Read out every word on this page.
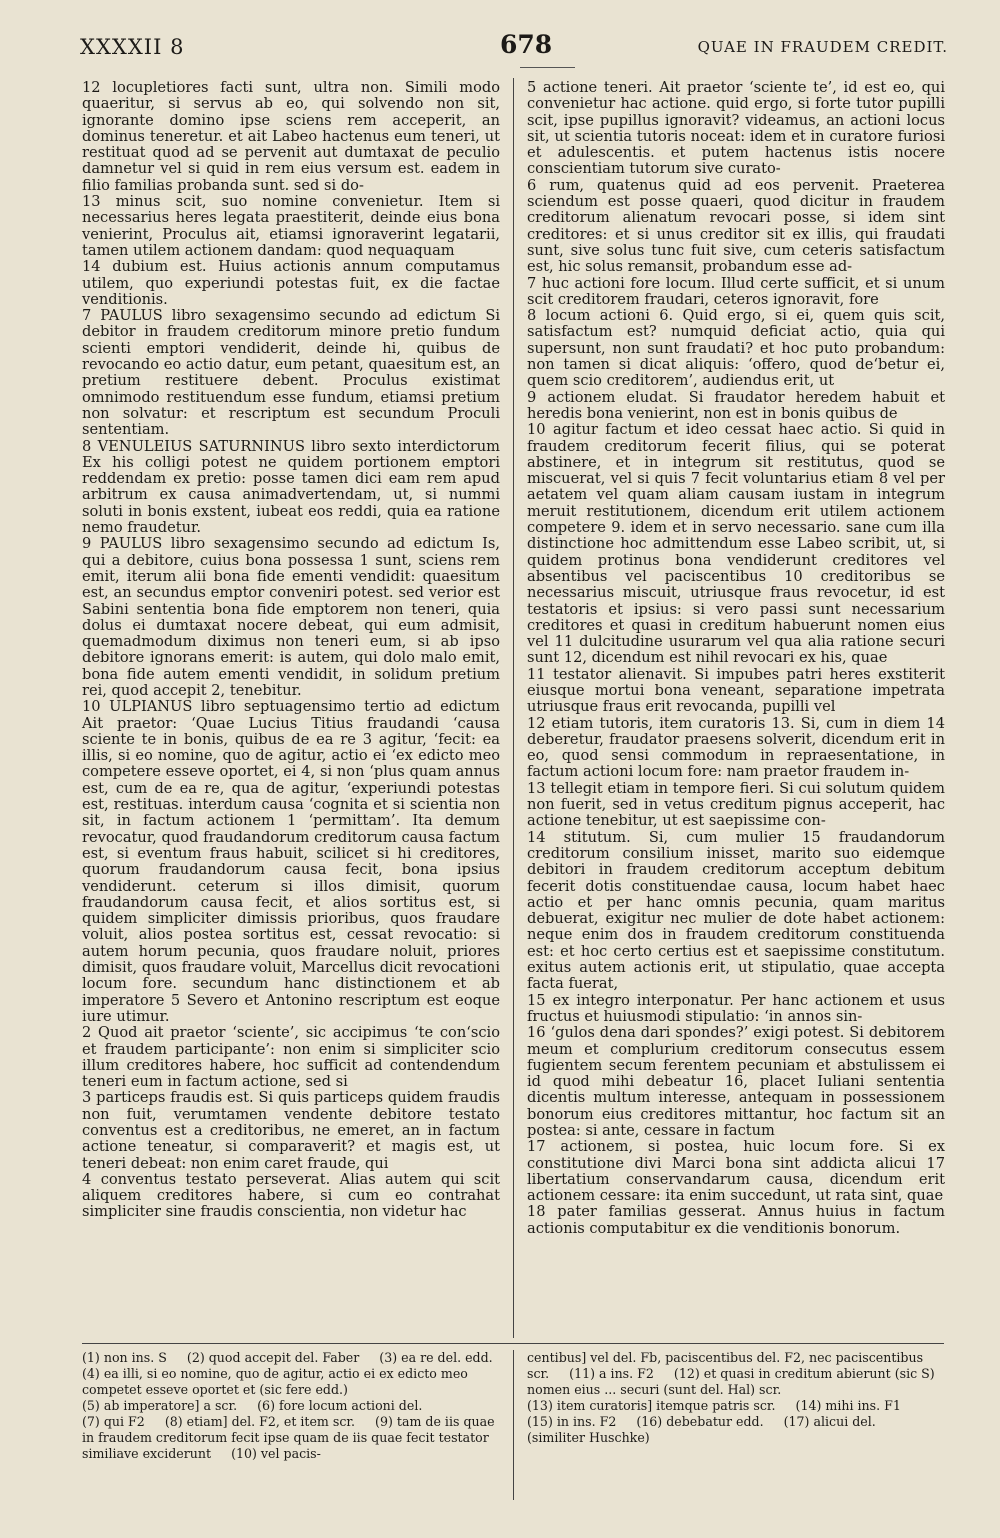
XXXXII 8	678	QUAE IN FRAUDEM CREDIT.

12 locupletiores facti sunt, ultra non. Simili modo quaeritur, si servus ab eo, qui solvendo non sit, ignorante domino ipse sciens rem acceperit, an dominus teneretur. et ait Labeo hactenus eum teneri, ut restituat quod ad se pervenit aut dumtaxat de peculio damnetur vel si quid in rem eius versum est. eadem in filio familias probanda sunt. sed si do-

13 minus scit, suo nomine convenietur. Item si necessarius heres legata praestiterit, deinde eius bona venierint, Proculus ait, etiamsi ignoraverint legatarii, tamen utilem actionem dandam: quod nequaquam

14 dubium est. Huius actionis annum computamus utilem, quo experiundi potestas fuit, ex die factae venditionis.

7 PAULUS libro sexagensimo secundo ad edictum Si debitor in fraudem creditorum minore pretio fundum scienti emptori vendiderit, deinde hi, quibus de revocando eo actio datur, eum petant, quaesitum est, an pretium restituere debent. Proculus existimat omnimodo restituendum esse fundum, etiamsi pretium non solvatur: et rescriptum est secundum Proculi sententiam.

8 VENULEIUS SATURNINUS libro sexto interdictorum Ex his colligi potest ne quidem portionem emptori reddendam ex pretio: posse tamen dici eam rem apud arbitrum ex causa animadvertendam, ut, si nummi soluti in bonis exstent, iubeat eos reddi, quia ea ratione nemo fraudetur.

9 PAULUS libro sexagensimo secundo ad edictum Is, qui a debitore, cuius bona possessa 1 sunt, sciens rem emit, iterum alii bona fide ementi vendidit: quaesitum est, an secundus emptor conveniri potest. sed verior est Sabini sententia bona fide emptorem non teneri, quia dolus ei dumtaxat nocere debeat, qui eum admisit, quemadmodum diximus non teneri eum, si ab ipso debitore ignorans emerit: is autem, qui dolo malo emit, bona fide autem ementi vendidit, in solidum pretium rei, quod accepit 2, tenebitur.

10 ULPIANUS libro septuagensimo tertio ad edictum Ait praetor: ‘Quae Lucius Titius fraudandi ‘causa sciente te in bonis, quibus de ea re 3 agitur, ‘fecit: ea illis, si eo nomine, quo de agitur, actio ei ‘ex edicto meo competere esseve oportet, ei 4, si non ‘plus quam annus est, cum de ea re, qua de agitur, ‘experiundi potestas est, restituas. interdum causa ‘cognita et si scientia non sit, in factum actionem 1 ‘permittam’. Ita demum revocatur, quod fraudandorum creditorum causa factum est, si eventum fraus habuit, scilicet si hi creditores, quorum fraudandorum causa fecit, bona ipsius vendiderunt. ceterum si illos dimisit, quorum fraudandorum causa fecit, et alios sortitus est, si quidem simpliciter dimissis prioribus, quos fraudare voluit, alios postea sortitus est, cessat revocatio: si autem horum pecunia, quos fraudare noluit, priores dimisit, quos fraudare voluit, Marcellus dicit revocationi locum fore. secundum hanc distinctionem et ab imperatore 5 Severo et Antonino rescriptum est eoque iure utimur.

2 Quod ait praetor ‘sciente’, sic accipimus ‘te con‘scio et fraudem participante’: non enim si simpliciter scio illum creditores habere, hoc sufficit ad contendendum teneri eum in factum actione, sed si

3 particeps fraudis est. Si quis particeps quidem fraudis non fuit, verumtamen vendente debitore testato conventus est a creditoribus, ne emeret, an in factum actione teneatur, si comparaverit? et magis est, ut teneri debeat: non enim caret fraude, qui

4 conventus testato perseverat. Alias autem qui scit aliquem creditores habere, si cum eo contrahat simpliciter sine fraudis conscientia, non videtur hac

5 actione teneri. Ait praetor ‘sciente te’, id est eo, qui convenietur hac actione. quid ergo, si forte tutor pupilli scit, ipse pupillus ignoravit? videamus, an actioni locus sit, ut scientia tutoris noceat: idem et in curatore furiosi et adulescentis. et putem hactenus istis nocere conscientiam tutorum sive curato-

6 rum, quatenus quid ad eos pervenit. Praeterea sciendum est posse quaeri, quod dicitur in fraudem creditorum alienatum revocari posse, si idem sint creditores: et si unus creditor sit ex illis, qui fraudati sunt, sive solus tunc fuit sive, cum ceteris satisfactum est, hic solus remansit, probandum esse ad-

7 huc actioni fore locum. Illud certe sufficit, et si unum scit creditorem fraudari, ceteros ignoravit, fore

8 locum actioni 6. Quid ergo, si ei, quem quis scit, satisfactum est? numquid deficiat actio, quia qui supersunt, non sunt fraudati? et hoc puto probandum: non tamen si dicat aliquis: ‘offero, quod de‘betur ei, quem scio creditorem’, audiendus erit, ut

9 actionem eludat. Si fraudator heredem habuit et heredis bona venierint, non est in bonis quibus de

10 agitur factum et ideo cessat haec actio. Si quid in fraudem creditorum fecerit filius, qui se poterat abstinere, et in integrum sit restitutus, quod se miscuerat, vel si quis 7 fecit voluntarius etiam 8 vel per aetatem vel quam aliam causam iustam in integrum meruit restitutionem, dicendum erit utilem actionem competere 9. idem et in servo necessario. sane cum illa distinctione hoc admittendum esse Labeo scribit, ut, si quidem protinus bona vendiderunt creditores vel absentibus vel paciscentibus 10 creditoribus se necessarius miscuit, utriusque fraus revocetur, id est testatoris et ipsius: si vero passi sunt necessarium creditores et quasi in creditum habuerunt nomen eius vel 11 dulcitudine usurarum vel qua alia ratione securi sunt 12, dicendum est nihil revocari ex his, quae

11 testator alienavit. Si impubes patri heres exstiterit eiusque mortui bona veneant, separatione impetrata utriusque fraus erit revocanda, pupilli vel

12 etiam tutoris, item curatoris 13. Si, cum in diem 14 deberetur, fraudator praesens solverit, dicendum erit in eo, quod sensi commodum in repraesentatione, in factum actioni locum fore: nam praetor fraudem in-

13 tellegit etiam in tempore fieri. Si cui solutum quidem non fuerit, sed in vetus creditum pignus acceperit, hac actione tenebitur, ut est saepissime con-

14 stitutum. Si, cum mulier 15 fraudandorum creditorum consilium inisset, marito suo eidemque debitori in fraudem creditorum acceptum debitum fecerit dotis constituendae causa, locum habet haec actio et per hanc omnis pecunia, quam maritus debuerat, exigitur nec mulier de dote habet actionem: neque enim dos in fraudem creditorum constituenda est: et hoc certo certius est et saepissime constitutum. exitus autem actionis erit, ut stipulatio, quae accepta facta fuerat,

15 ex integro interponatur. Per hanc actionem et usus fructus et huiusmodi stipulatio: ‘in annos sin-

16 ‘gulos dena dari spondes?’ exigi potest. Si debitorem meum et complurium creditorum consecutus essem fugientem secum ferentem pecuniam et abstulissem ei id quod mihi debeatur 16, placet Iuliani sententia dicentis multum interesse, antequam in possessionem bonorum eius creditores mittantur, hoc factum sit an postea: si ante, cessare in factum

17 actionem, si postea, huic locum fore. Si ex constitutione divi Marci bona sint addicta alicui 17 libertatium conservandarum causa, dicendum erit actionem cessare: ita enim succedunt, ut rata sint, quae

18 pater familias gesserat. Annus huius in factum actionis computabitur ex die venditionis bonorum.

(1) non ins. S     (2) quod accepit del. Faber     (3) ea re del. edd.   (4) ea illi, si eo nomine, quo de agitur, actio ei ex edicto meo competet esseve oportet et (sic fere edd.)

(5) ab imperatore] a scr.     (6) fore locum actioni del.

(7) qui F2     (8) etiam] del. F2, et item scr.     (9) tam de iis quae in fraudem creditorum fecit ipse quam de iis quae fecit testator similiave exciderunt     (10) vel pacis-

centibus] vel del. Fb, paciscentibus del. F2, nec paciscentibus scr.     (11) a ins. F2     (12) et quasi in creditum abierunt (sic S) nomen eius ... securi (sunt del. Hal) scr.

(13) item curatoris] itemque patris scr.     (14) mihi ins. F1

(15) in ins. F2     (16) debebatur edd.     (17) alicui del.

(similiter Huschke)
